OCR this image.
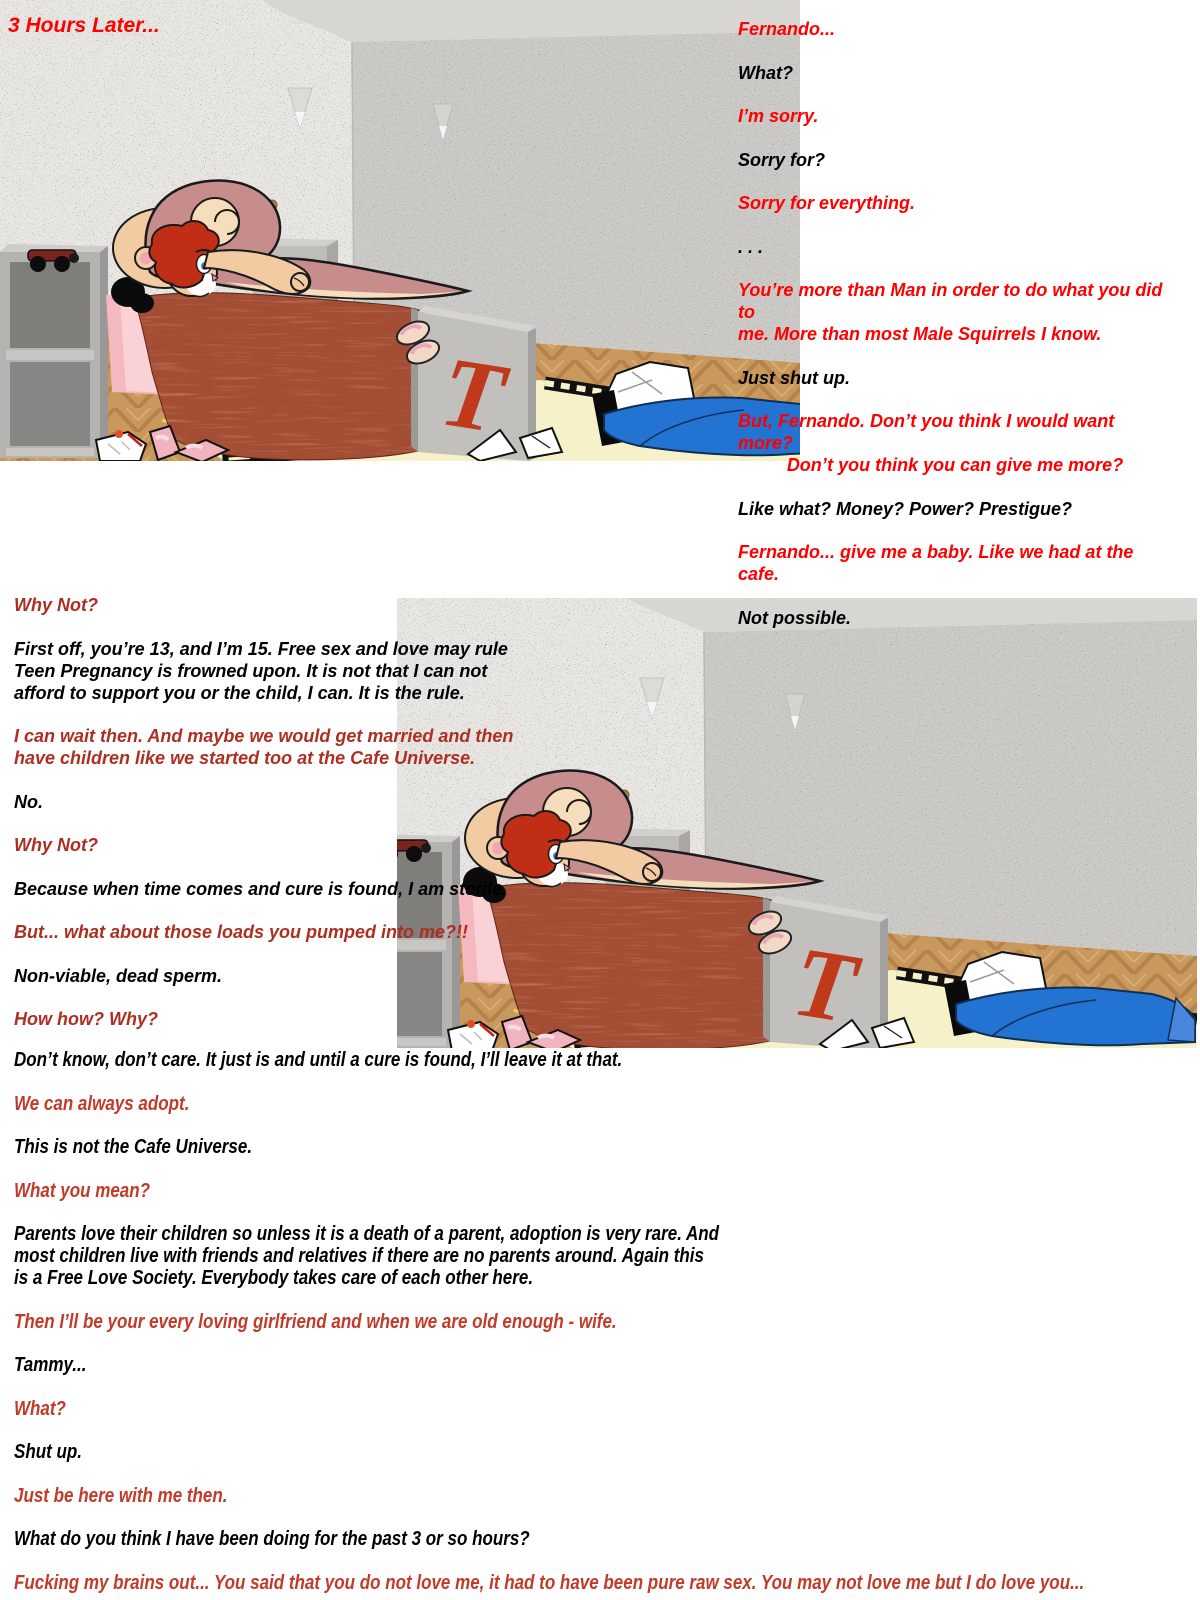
3 Hours Later...	Fernando...

What?

I’m sorry.

Sorry for?

Sorry for everything.

. . .

You’re more than Man in order to do what you did to
me. More than most Male Squirrels I know.

Just shut up.

But, Fernando. Don’t you think I would want more?
Don’t you think you can give me more?

Like what? Money? Power? Prestigue?

Fernando... give me a baby. Like we had at the cafe.

Not possible.

Why Not?

First off, you’re 13, and I’m 15. Free sex and love may rule
Teen Pregnancy is frowned upon. It is not that I can not
afford to support you or the child, I can. It is the rule.

I can wait then. And maybe we would get married and then
have children like we started too at the Cafe Universe.

No.

Why Not?

Because when time comes and cure is found, I am sterile.

But... what about those loads you pumped into me?!!

Non-viable, dead sperm.

How how? Why?

Don’t know, don’t care. It just is and until a cure is found, I’ll leave it at that.

We can always adopt.

This is not the Cafe Universe.

What you mean?

Parents love their children so unless it is a death of a parent, adoption is very rare. And
most children live with friends and relatives if there are no parents around. Again this
is a Free Love Society. Everybody takes care of each other here.

Then I’ll be your every loving girlfriend and when we are old enough - wife.

Tammy...

What?

Shut up.

Just be here with me then.

What do you think I have been doing for the past 3 or so hours?

Fucking my brains out... You said that you do not love me, it had to have been pure raw sex. You may not love me but I do love you...
